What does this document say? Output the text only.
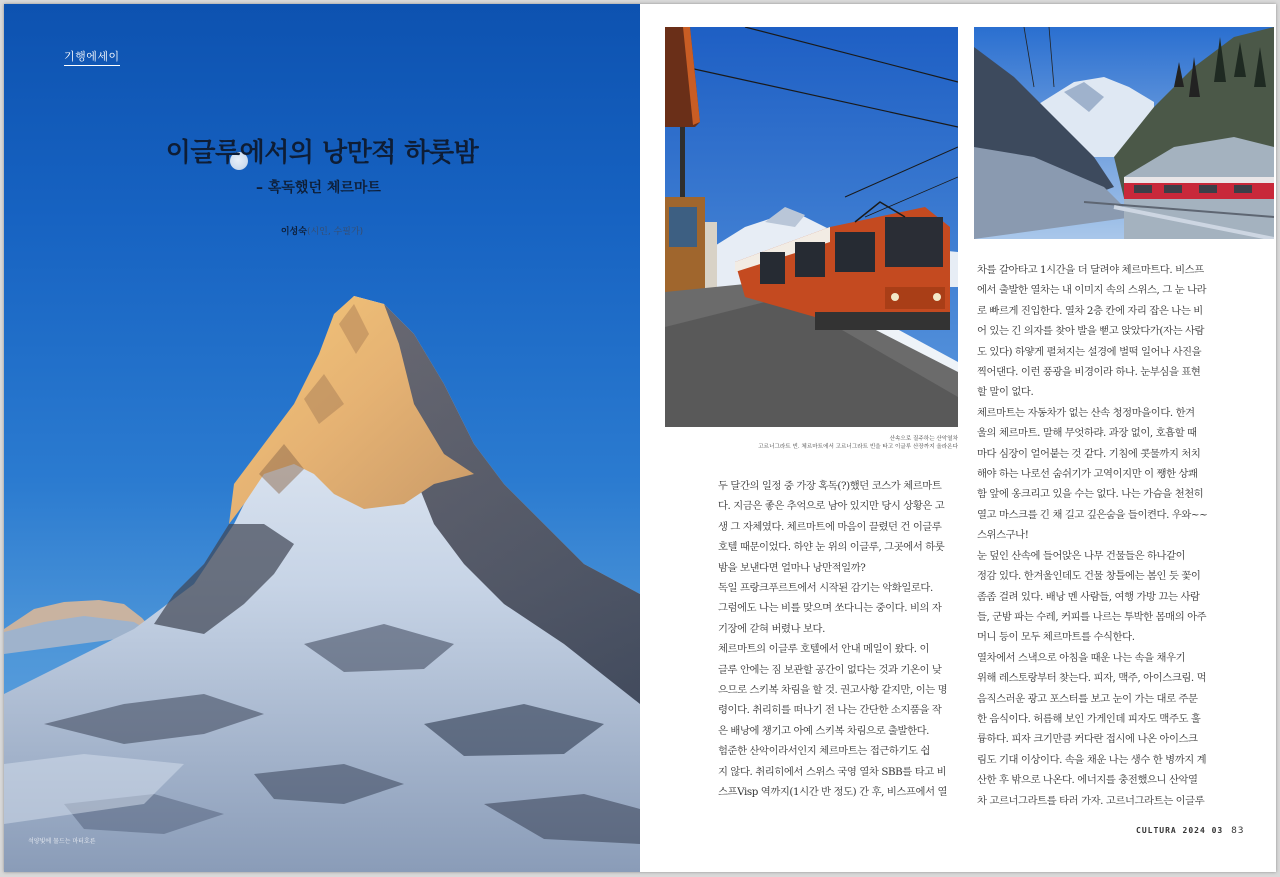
기행에세이
이글루에서의 낭만적 하룻밤
– 혹독했던 체르마트
이성숙(시인, 수필가)
석양빛에 물드는 마터호른
산속으로 질주하는 산악열차
고르너그라트 빈. 체르마트에서 고르너그라트 빈을 타고 이글루 산장까지 올라온다
두 달간의 일정 중 가장 혹독(?)했던 코스가 체르마트
다. 지금은 좋은 추억으로 남아 있지만 당시 상황은 고
생 그 자체였다. 체르마트에 마음이 끌렸던 건 이글루
호텔 때문이었다. 하얀 눈 위의 이글루, 그곳에서 하룻
밤을 보낸다면 얼마나 낭만적일까?
독일 프랑크푸르트에서 시작된 감기는 악화일로다.
그럼에도 나는 비를 맞으며 쏘다니는 중이다. 비의 자
기장에 갇혀 버렸나 보다.
체르마트의 이글루 호텔에서 안내 메일이 왔다. 이
글루 안에는 짐 보관할 공간이 없다는 것과 기온이 낮
으므로 스키복 차림을 할 것. 권고사항 같지만, 이는 명
령이다. 취리히를 떠나기 전 나는 간단한 소지품을 작
은 배낭에 챙기고 아예 스키복 차림으로 출발한다.
험준한 산악이라서인지 체르마트는 접근하기도 쉽
지 않다. 취리히에서 스위스 국영 열차 SBB를 타고 비
스프Visp 역까지(1시간 반 정도) 간 후, 비스프에서 열
차를 갈아타고 1시간을 더 달려야 체르마트다. 비스프
에서 출발한 열차는 내 이미지 속의 스위스, 그 눈 나라
로 빠르게 진입한다. 열차 2층 칸에 자리 잡은 나는 비
어 있는 긴 의자를 찾아 발을 뻗고 앉았다가(자는 사람
도 있다) 하얗게 펼쳐지는 설경에 벌떡 일어나 사진을
찍어댄다. 이런 풍광을 비경이라 하나. 눈부심을 표현
할 말이 없다.
체르마트는 자동차가 없는 산속 청정마을이다. 한겨
울의 체르마트. 말해 무엇하랴. 과장 없이, 호흡할 때
마다 심장이 얼어붙는 것 같다. 기침에 콧물까지 처치
해야 하는 나로선 숨쉬기가 고역이지만 이 쨍한 상쾌
함 앞에 옹크리고 있을 수는 없다. 나는 가슴을 천천히
열고 마스크를 긴 채 길고 깊은숨을 들이켠다. 우와~~
스위스구나!
눈 덮인 산속에 들어앉은 나무 건물들은 하나같이
정감 있다. 한겨울인데도 건물 창틀에는 봄인 듯 꽃이
좀좀 걸려 있다. 배낭 멘 사람들, 여행 가방 끄는 사람
들, 군밤 파는 수레, 커피를 나르는 투박한 몸매의 아주
머니 등이 모두 체르마트를 수식한다.
열차에서 스낵으로 아침을 때운 나는 속을 채우기
위해 레스토랑부터 찾는다. 피자, 맥주, 아이스크림. 먹
음직스러운 광고 포스터를 보고 눈이 가는 대로 주문
한 음식이다. 허름해 보인 가게인데 피자도 맥주도 훌
륭하다. 피자 크기만큼 커다란 접시에 나온 아이스크
림도 기대 이상이다. 속을 채운 나는 생수 한 병까지 계
산한 후 밖으로 나온다. 에너지를 충전했으니 산악열
차 고르너그라트를 타러 가자. 고르너그라트는 이글루
CULTURA 2024 03 83
